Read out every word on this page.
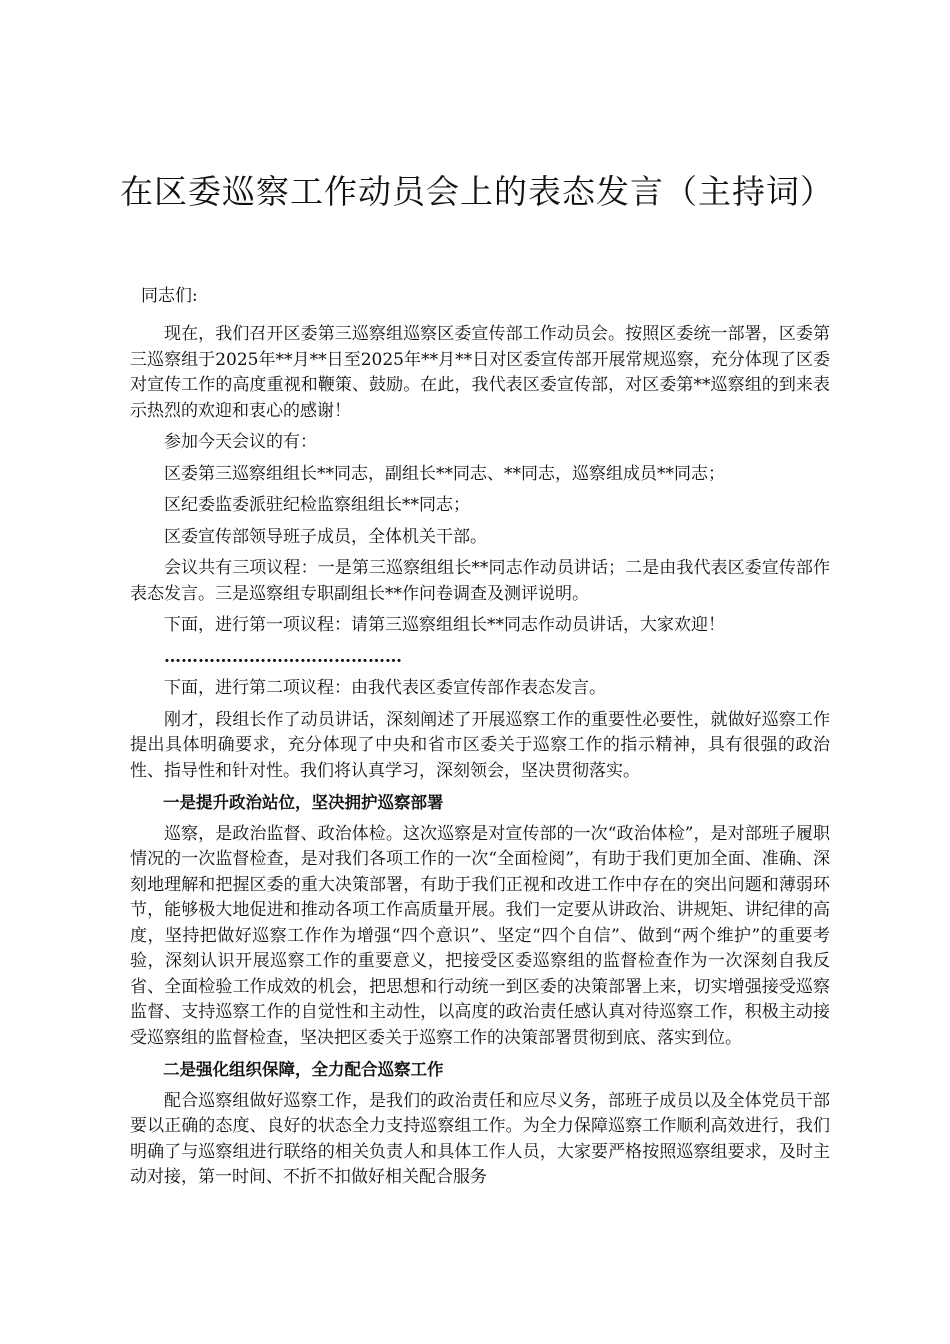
在区委巡察工作动员会上的表态发言（主持词）

同志们:

现在，我们召开区委第三巡察组巡察区委宣传部工作动员会。按照区委统一部署，区委第三巡察组于2025年**月**日至2025年**月**日对区委宣传部开展常规巡察，充分体现了区委对宣传工作的高度重视和鞭策、鼓励。在此，我代表区委宣传部，对区委第**巡察组的到来表示热烈的欢迎和衷心的感谢！

参加今天会议的有：

区委第三巡察组组长**同志，副组长**同志、**同志，巡察组成员**同志；

区纪委监委派驻纪检监察组组长**同志；

区委宣传部领导班子成员，全体机关干部。

会议共有三项议程：一是第三巡察组组长**同志作动员讲话；二是由我代表区委宣传部作表态发言。三是巡察组专职副组长**作问卷调查及测评说明。

下面，进行第一项议程：请第三巡察组组长**同志作动员讲话，大家欢迎！

……………………………………

下面，进行第二项议程：由我代表区委宣传部作表态发言。

刚才，段组长作了动员讲话，深刻阐述了开展巡察工作的重要性必要性，就做好巡察工作提出具体明确要求，充分体现了中央和省市区委关于巡察工作的指示精神，具有很强的政治性、指导性和针对性。我们将认真学习，深刻领会，坚决贯彻落实。

一是提升政治站位，坚决拥护巡察部署

巡察，是政治监督、政治体检。这次巡察是对宣传部的一次“政治体检”，是对部班子履职情况的一次监督检查，是对我们各项工作的一次“全面检阅”，有助于我们更加全面、准确、深刻地理解和把握区委的重大决策部署，有助于我们正视和改进工作中存在的突出问题和薄弱环节，能够极大地促进和推动各项工作高质量开展。我们一定要从讲政治、讲规矩、讲纪律的高度，坚持把做好巡察工作作为增强“四个意识”、坚定“四个自信”、做到“两个维护”的重要考验，深刻认识开展巡察工作的重要意义，把接受区委巡察组的监督检查作为一次深刻自我反省、全面检验工作成效的机会，把思想和行动统一到区委的决策部署上来，切实增强接受巡察监督、支持巡察工作的自觉性和主动性，以高度的政治责任感认真对待巡察工作，积极主动接受巡察组的监督检查，坚决把区委关于巡察工作的决策部署贯彻到底、落实到位。

二是强化组织保障，全力配合巡察工作

配合巡察组做好巡察工作，是我们的政治责任和应尽义务，部班子成员以及全体党员干部要以正确的态度、良好的状态全力支持巡察组工作。为全力保障巡察工作顺利高效进行，我们明确了与巡察组进行联络的相关负责人和具体工作人员，大家要严格按照巡察组要求，及时主动对接，第一时间、不折不扣做好相关配合服务
